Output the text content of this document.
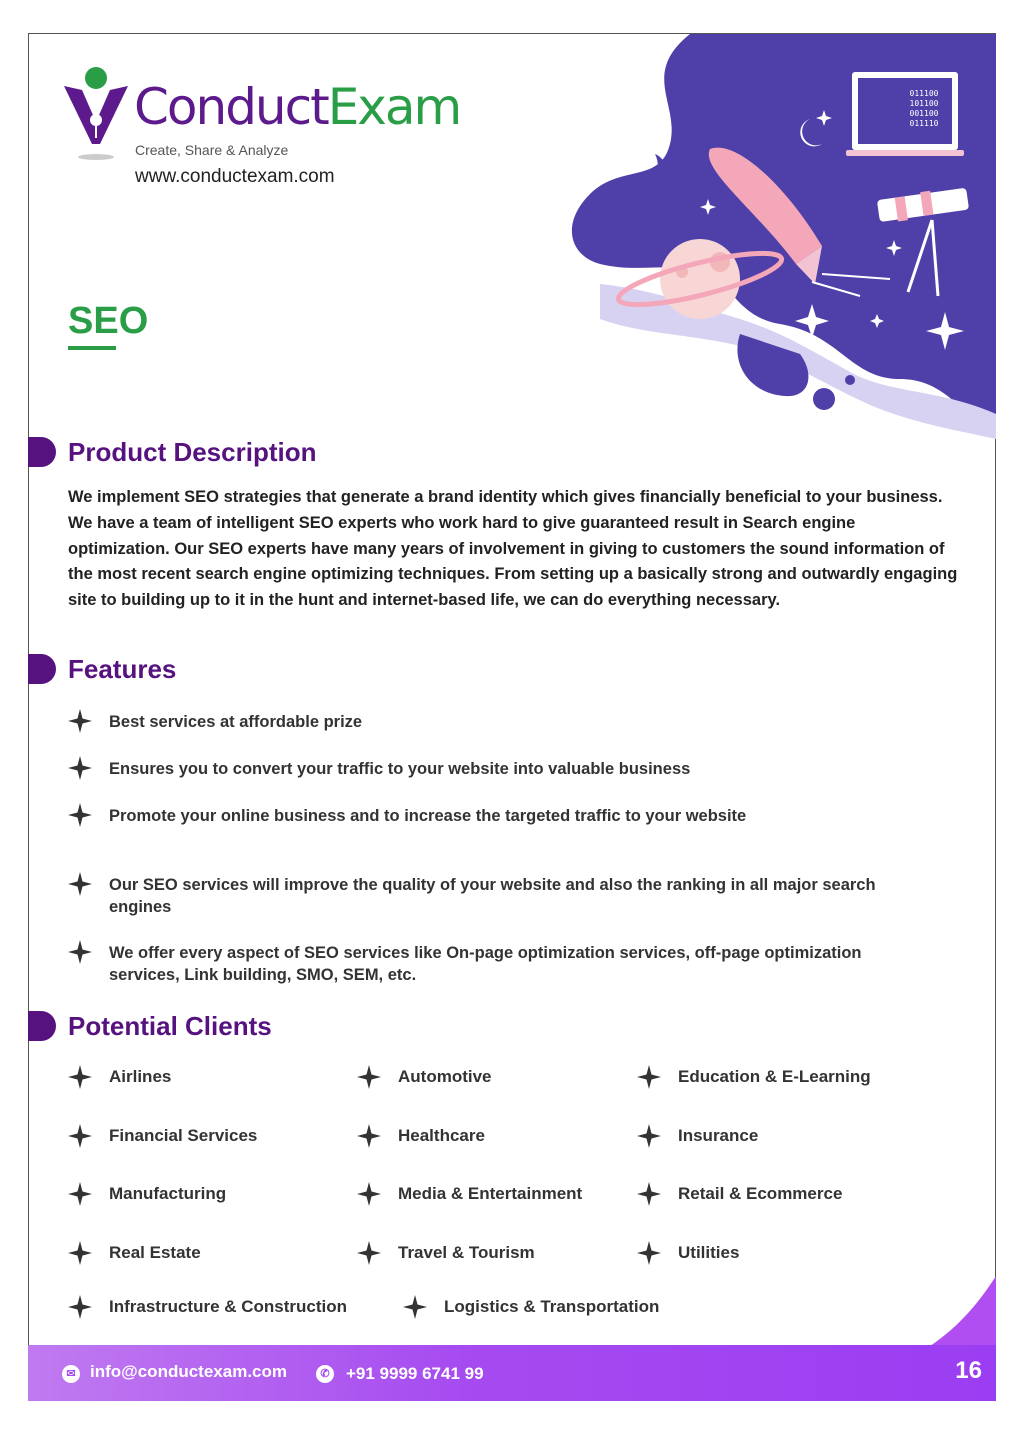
ConductExam
Create, Share & Analyze
www.conductexam.com
011100
101100
001100
011110
SEO
Product Description
We implement SEO strategies that generate a brand identity which gives financially beneficial to your business. We have a team of intelligent SEO experts who work hard to give guaranteed result in Search engine optimization. Our SEO experts have many years of involvement in giving to customers the sound information of the most recent search engine optimizing techniques. From setting up a basically strong and outwardly engaging site to building up to it in the hunt and internet-based life, we can do everything necessary.
Features
Best services at affordable prize
Ensures you to convert your traffic to your website into valuable business
Promote your online business and to increase the targeted traffic to your website
Our SEO services will improve the quality of your website and also the ranking in all major search engines
We offer every aspect of SEO services like On-page optimization services, off-page optimization services, Link building, SMO, SEM, etc.
Potential Clients
Airlines	Automotive	Education & E-Learning
Financial Services	Healthcare	Insurance
Manufacturing	Media & Entertainment	Retail & Ecommerce
Real Estate	Travel & Tourism	Utilities
Infrastructure & Construction	Logistics & Transportation
✉ info@conductexam.com	✆ +91 9999 6741 99	16
